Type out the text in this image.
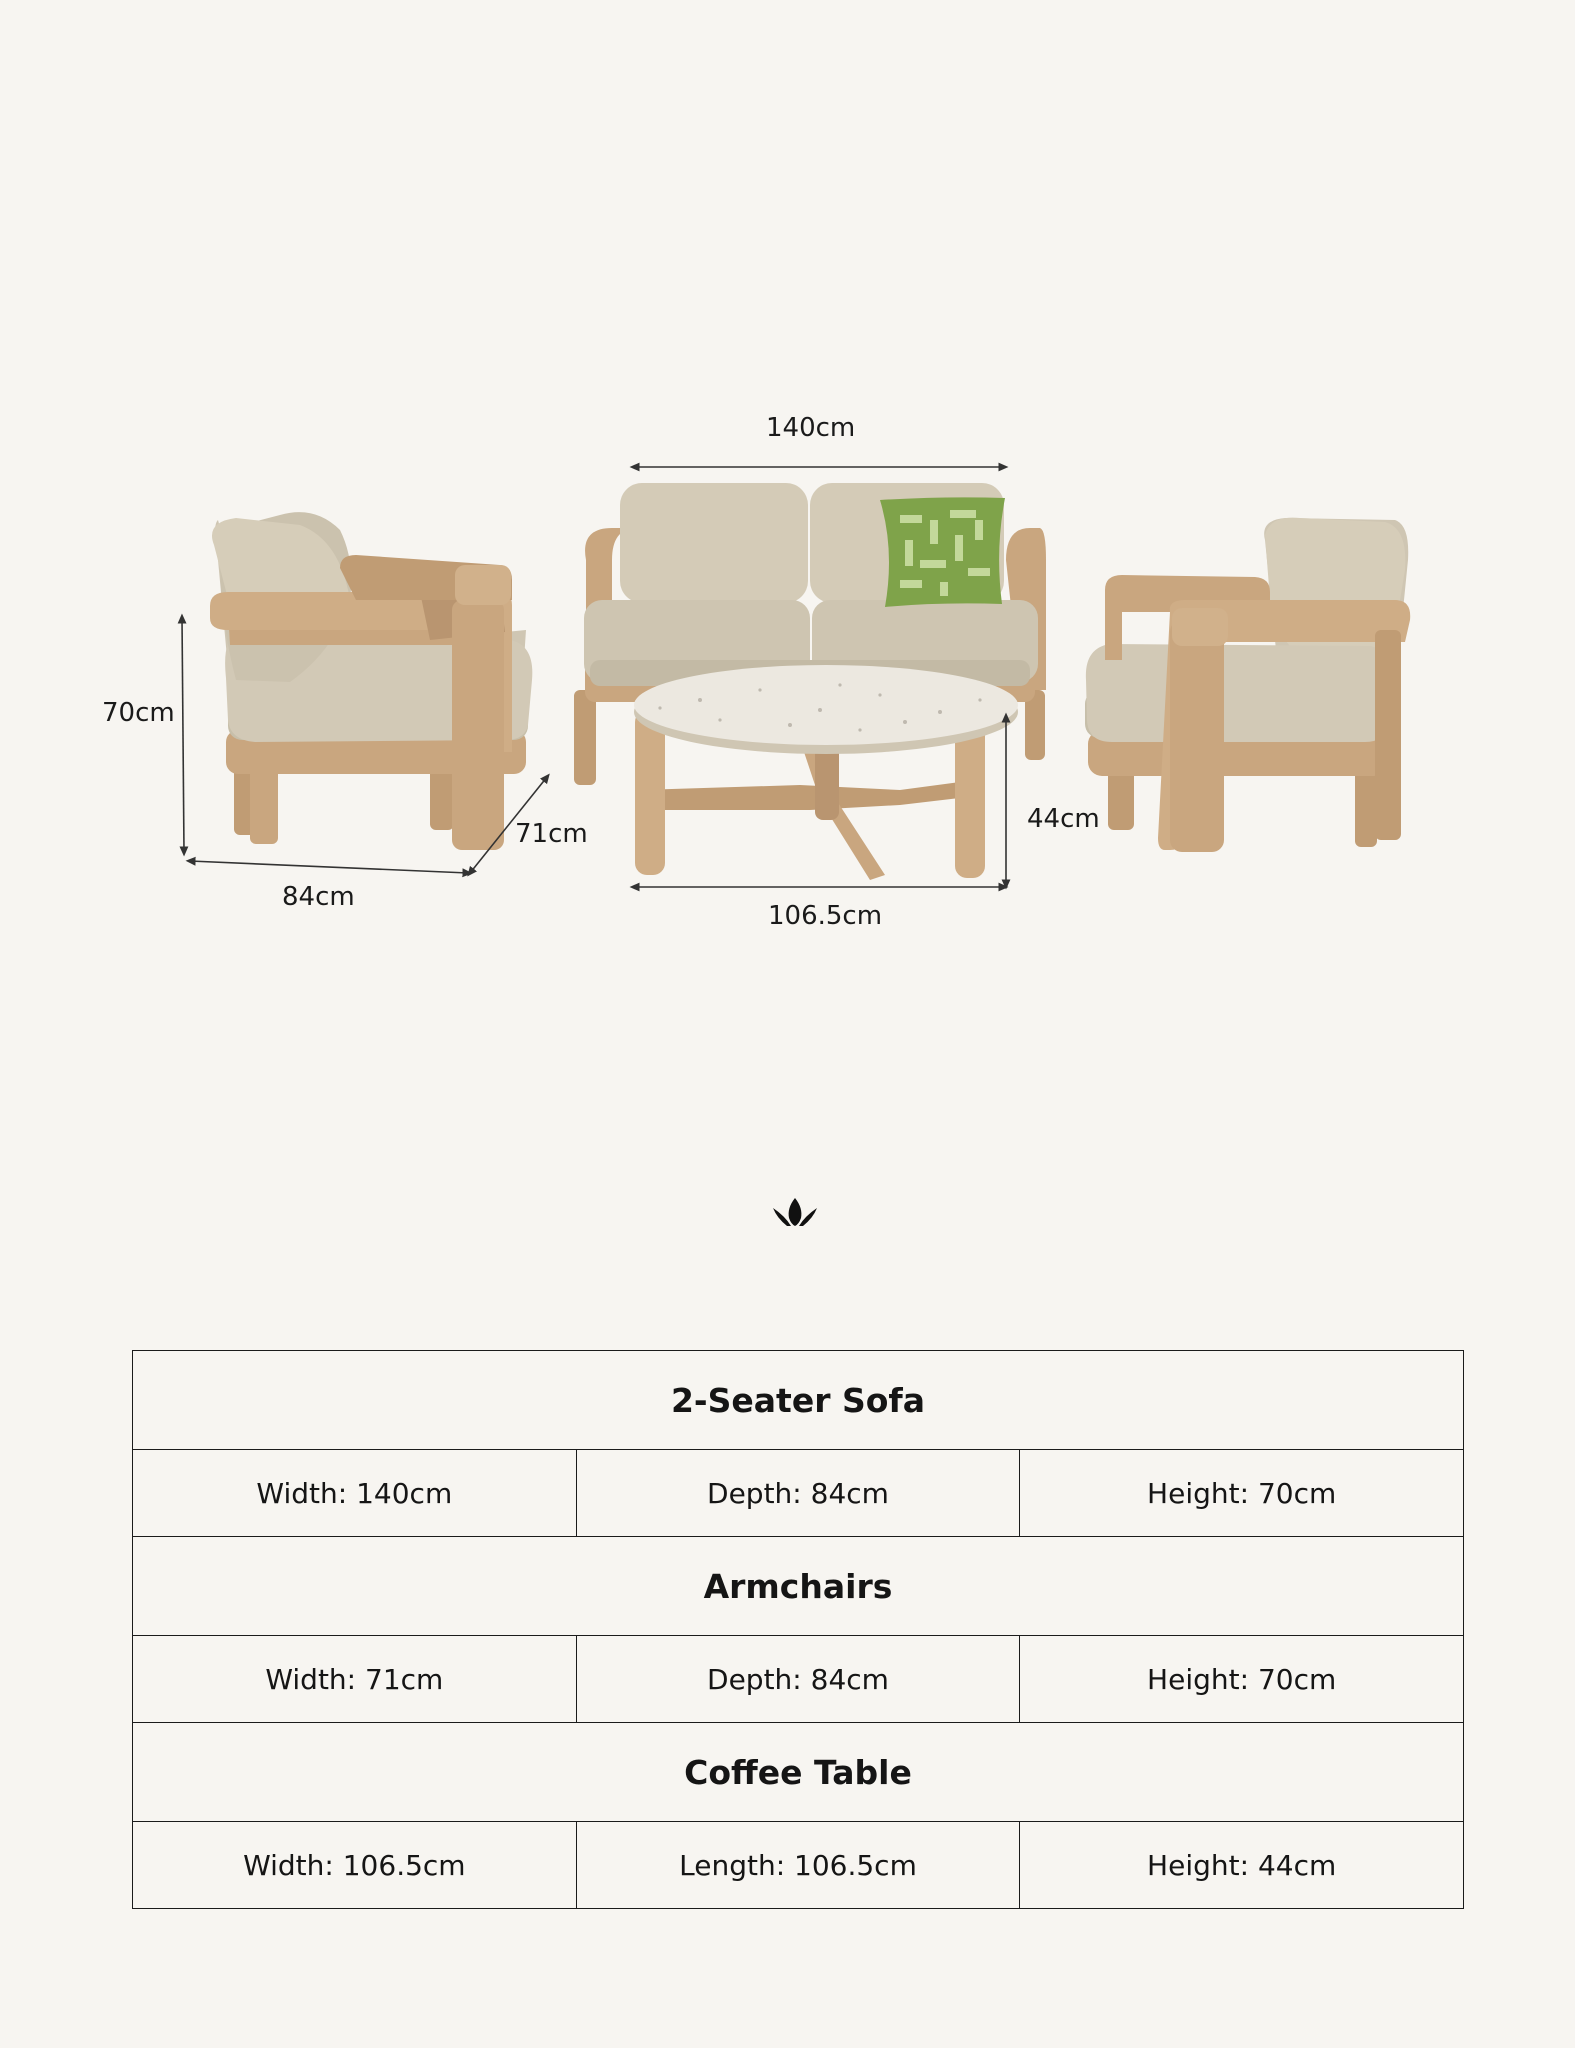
140cm
70cm
71cm
84cm
44cm
106.5cm
2-Seater Sofa		
Width: 140cm	Depth: 84cm	Height: 70cm
Armchairs		
Width: 71cm	Depth: 84cm	Height: 70cm
Coffee Table		
Width: 106.5cm	Length: 106.5cm	Height: 44cm
